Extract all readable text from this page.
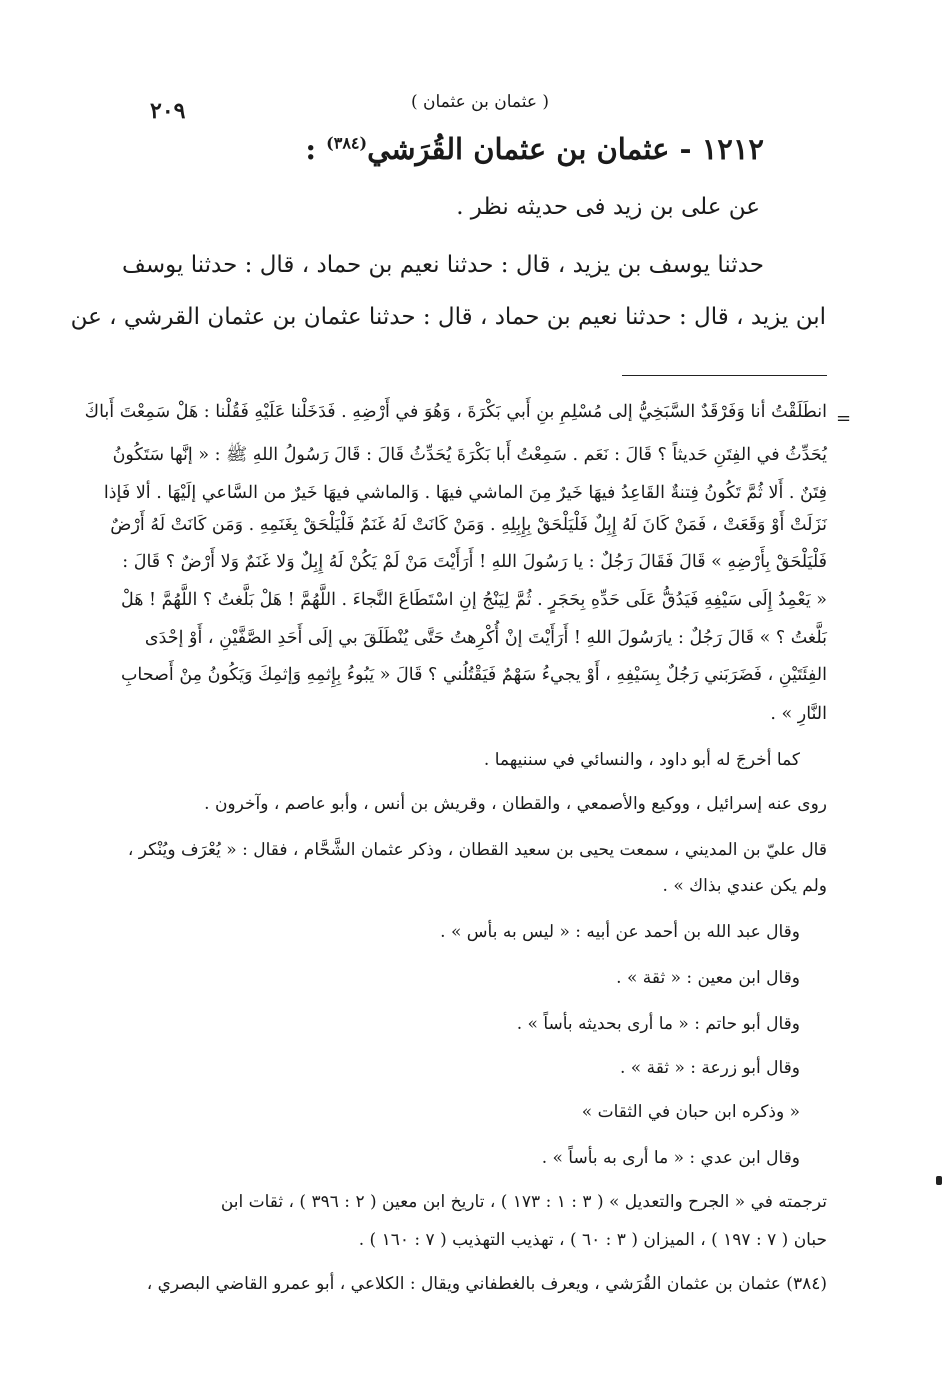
( عثمان بن عثمان )
٢٠٩
١٢١٢ - عثمان بن عثمان القُرَشي$^{(٣٨٤)}$ :
عن علی بن زید فی حدیثه نظر .
حدثنا یوسف بن یزید ، قال : حدثنا نعیم بن حماد ، قال : حدثنا یوسف
ابن یزید ، قال : حدثنا نعیم بن حماد ، قال : حدثنا عثمان بن عثمان القرشي ، عن
=
انطَلَقْتُ أنا وَفَرْقَدٌ السَّبَخِيُّ إلى مُسْلِمِ بنِ أَبي بَكْرَةَ ، وَهُوَ في أَرْضِهِ . فَدَخَلْنا عَلَيْهِ فَقُلْنا : هَلْ سَمِعْتَ أَباكَ
يُحَدِّثُ في الفِتَنِ حَديثاً ؟ قَالَ : نَعَم . سَمِعْتُ أَبا بَكْرَةَ يُحَدِّثُ قَالَ : قَالَ رَسُولُ اللهِ ﷺ : « إنَّها سَتَكُونُ
فِتَنٌ . أَلا ثُمَّ تَكُونُ فِتنةٌ القَاعِدُ فيهَا خَيرٌ مِنَ الماشي فيهَا . وَالماشي فيهَا خَيرٌ من السَّاعي إلَيْهَا . ألا فَإذا
نَزَلَتْ أَوْ وَقَعَتْ ، فَمَنْ كَانَ لَهُ إِبِلٌ فَلْيَلْحَقْ بِإِبِلِهِ . وَمَنْ كَانَتْ لَهُ غَنَمٌ فَلْيَلْحَقْ بِغَنَمِهِ . وَمَن كَانَتْ لَهُ أَرْضٌ
فَلْيَلْحَقْ بِأَرْضِهِ » قَالَ فَقَالَ رَجُلٌ : يا رَسُولَ اللهِ ! أَرَأَيْتَ مَنْ لَمْ يَكُنْ لَهُ إِبِلٌ وَلا غَنَمٌ وَلا أَرْضٌ ؟ قَالَ :
« يَعْمِدُ إِلَى سَيْفِهِ فَيَدُقُّ عَلَى حَدِّهِ بِحَجَرٍ . ثُمَّ لِيَنْجُ إنِ اسْتَطَاعَ النَّجاءَ . اللَّهُمَّ ! هَلْ بَلَّغتُ ؟ اللَّهُمَّ ! هَلْ
بَلَّغتُ ؟ » قَالَ رَجُلٌ : يارَسُولَ اللهِ ! أَرَأَيْتَ إنْ أُكْرِهتُ حَتَّى يُنْطَلَقَ بي إلَى أَحَدِ الصَّفَّيْنِ ، أَوْ إحْدَى
الفِئَتَيْنِ ، فَضَرَبَني رَجُلٌ بِسَيْفِهِ ، أَوْ يجيءُ سَهْمٌ فَيَقْتُلُني ؟ قَالَ « يَبُوءُ بِإِثمِهِ وَإثمِكَ وَيَكُونُ مِنْ أَصحابِ
النَّارِ » .
كما أخرجَ له أبو داود ، والنسائي في سننيهما .
روى عنه إسرائيل ، ووكيع والأصمعي ، والقطان ، وقريش بن أنس ، وأبو عاصم ، وآخرون .
قال عليّ بن المديني ، سمعت يحيى بن سعيد القطان ، وذكر عثمان الشَّحَّام ، فقال : « يُعْرَف ويُنْكر ،
ولم يكن عندي بذاك » .
وقال عبد الله بن أحمد عن أبيه : « ليس به بأس » .
وقال ابن معين : « ثقة » .
وقال أبو حاتم : « ما أرى بحديثه بأساً » .
وقال أبو زرعة : « ثقة » .
« وذكره ابن حبان في الثقات »
وقال ابن عدي : « ما أرى به بأساً » .
ترجمته في « الجرح والتعديل » ( ٣ : ١ : ١٧٣ ) ، تاريخ ابن معين ( ٢ : ٣٩٦ ) ، ثقات ابن
حبان ( ٧ : ١٩٧ ) ، الميزان ( ٣ : ٦٠ ) ، تهذيب التهذيب ( ٧ : ١٦٠ ) .
(٣٨٤) عثمان بن عثمان القُرَشي ، ويعرف بالغطفاني ويقال : الكلاعي ، أبو عمرو القاضي البصري ،
